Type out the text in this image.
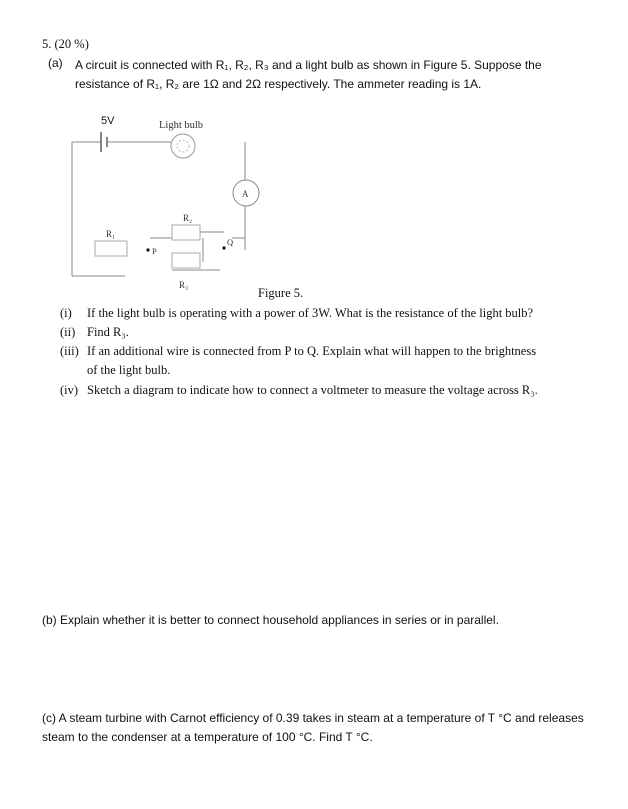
5. (20 %)
(a) A circuit is connected with R₁, R₂, R₃ and a light bulb as shown in Figure 5. Suppose the
resistance of R₁, R₂ are 1Ω and 2Ω respectively. The ammeter reading is 1A.
5V	Light bulb
A
R₁
R₂
R₃
P
Q
Figure 5.
(i) If the light bulb is operating with a power of 3W. What is the resistance of the light bulb?
(ii) Find R₃.
(iii) If an additional wire is connected from P to Q. Explain what will happen to the brightness
of the light bulb.
(iv) Sketch a diagram to indicate how to connect a voltmeter to measure the voltage across R₃.
(b) Explain whether it is better to connect household appliances in series or in parallel.
(c) A steam turbine with Carnot efficiency of 0.39 takes in steam at a temperature of T °C and releases steam to the condenser at a temperature of 100 °C. Find T °C.
